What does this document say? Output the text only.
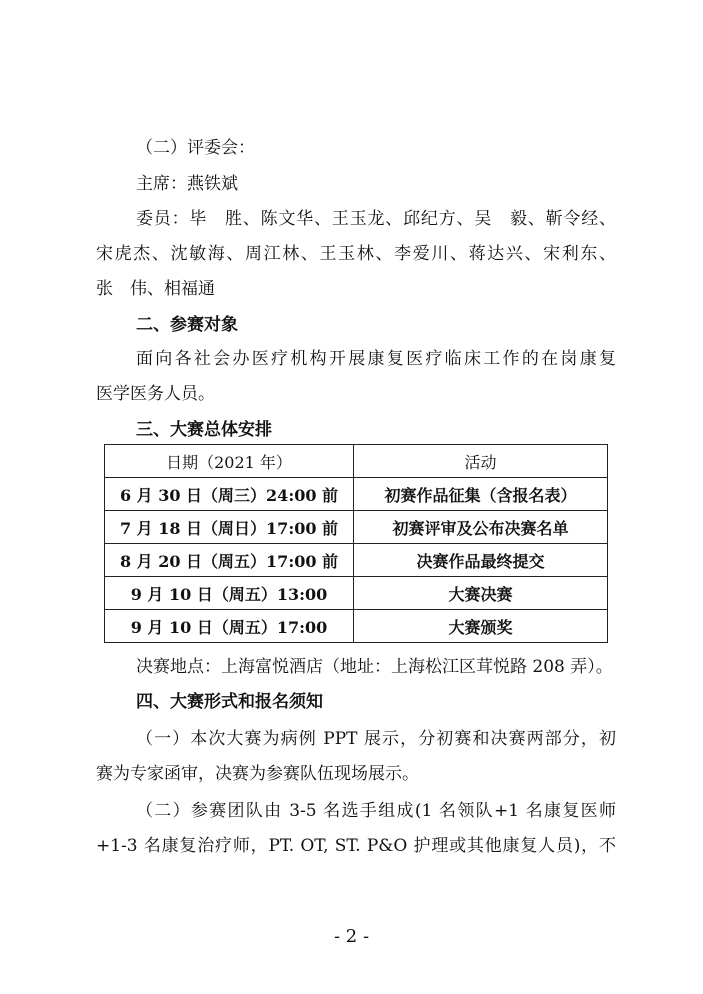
（二）评委会：
主席：燕铁斌
委员：毕　胜、陈文华、王玉龙、邱纪方、吴　毅、靳令经、
宋虎杰、沈敏海、周江林、王玉林、李爱川、蒋达兴、宋利东、
张　伟、相福通
二、参赛对象
面向各社会办医疗机构开展康复医疗临床工作的在岗康复
医学医务人员。
三、大赛总体安排
日期（2021 年）	活动
6 月 30 日（周三）24:00 前	初赛作品征集（含报名表）
7 月 18 日（周日）17:00 前	初赛评审及公布决赛名单
8 月 20 日（周五）17:00 前	决赛作品最终提交
9 月 10 日（周五）13:00	大赛决赛
9 月 10 日（周五）17:00	大赛颁奖
决赛地点：上海富悦酒店（地址：上海松江区茸悦路 208 弄）。
四、大赛形式和报名须知
（一）本次大赛为病例 PPT 展示，分初赛和决赛两部分，初
赛为专家函审，决赛为参赛队伍现场展示。
（二）参赛团队由 3-5 名选手组成(1 名领队+1 名康复医师
+1-3 名康复治疗师，PT. OT, ST. P&O 护理或其他康复人员)，不
- 2 -
